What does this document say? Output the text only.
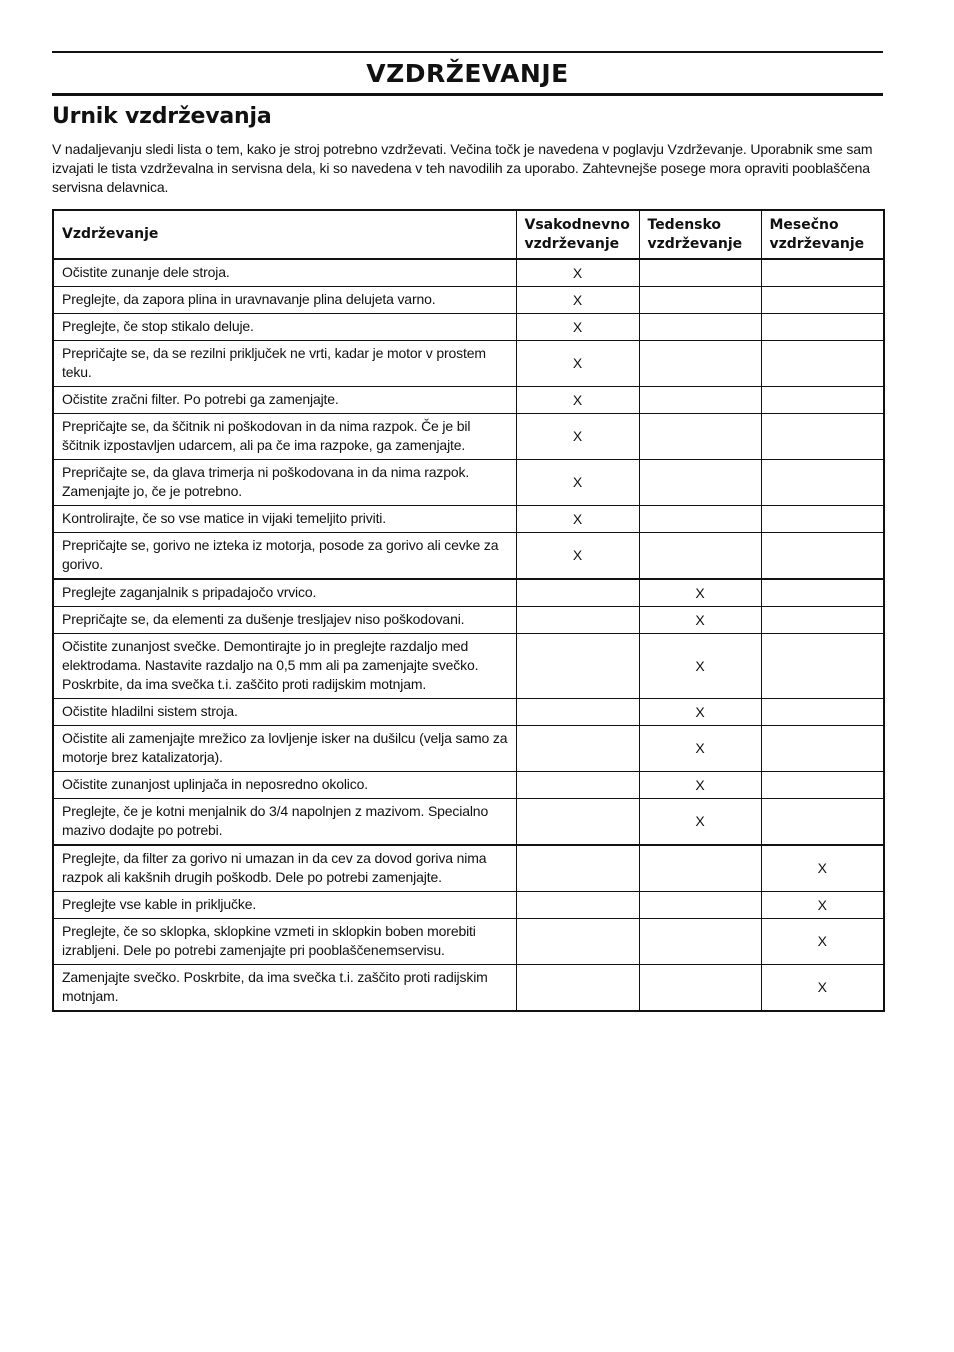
VZDRŽEVANJE
Urnik vzdrževanja

V nadaljevanju sledi lista o tem, kako je stroj potrebno vzdrževati. Večina točk je navedena v poglavju Vzdrževanje. Uporabnik sme sam izvajati le tista vzdrževalna in servisna dela, ki so navedena v teh navodilih za uporabo. Zahtevnejše posege mora opraviti pooblaščena servisna delavnica.

Vzdrževanje	Vsakodnevno vzdrževanje	Tedensko vzdrževanje	Mesečno vzdrževanje
Očistite zunanje dele stroja.	X		
Preglejte, da zapora plina in uravnavanje plina delujeta varno.	X		
Preglejte, če stop stikalo deluje.	X		
Prepričajte se, da se rezilni priključek ne vrti, kadar je motor v prostem teku.	X		
Očistite zračni filter. Po potrebi ga zamenjajte.	X		
Prepričajte se, da ščitnik ni poškodovan in da nima razpok. Če je bil ščitnik izpostavljen udarcem, ali pa če ima razpoke, ga zamenjajte.	X		
Prepričajte se, da glava trimerja ni poškodovana in da nima razpok. Zamenjajte jo, če je potrebno.	X		
Kontrolirajte, če so vse matice in vijaki temeljito priviti.	X		
Prepričajte se, gorivo ne izteka iz motorja, posode za gorivo ali cevke za gorivo.	X		
Preglejte zaganjalnik s pripadajočo vrvico.		X	
Prepričajte se, da elementi za dušenje tresljajev niso poškodovani.		X	
Očistite zunanjost svečke. Demontirajte jo in preglejte razdaljo med elektrodama. Nastavite razdaljo na 0,5 mm ali pa zamenjajte svečko. Poskrbite, da ima svečka t.i. zaščito proti radijskim motnjam.		X	
Očistite hladilni sistem stroja.		X	
Očistite ali zamenjajte mrežico za lovljenje isker na dušilcu (velja samo za motorje brez katalizatorja).		X	
Očistite zunanjost uplinjača in neposredno okolico.		X	
Preglejte, če je kotni menjalnik do 3/4 napolnjen z mazivom. Specialno mazivo dodajte po potrebi.		X	
Preglejte, da filter za gorivo ni umazan in da cev za dovod goriva nima razpok ali kakšnih drugih poškodb. Dele po potrebi zamenjajte.			X
Preglejte vse kable in priključke.			X
Preglejte, če so sklopka, sklopkine vzmeti in sklopkin boben morebiti izrabljeni. Dele po potrebi zamenjajte pri pooblaščenemservisu.			X
Zamenjajte svečko. Poskrbite, da ima svečka t.i. zaščito proti radijskim motnjam.			X
